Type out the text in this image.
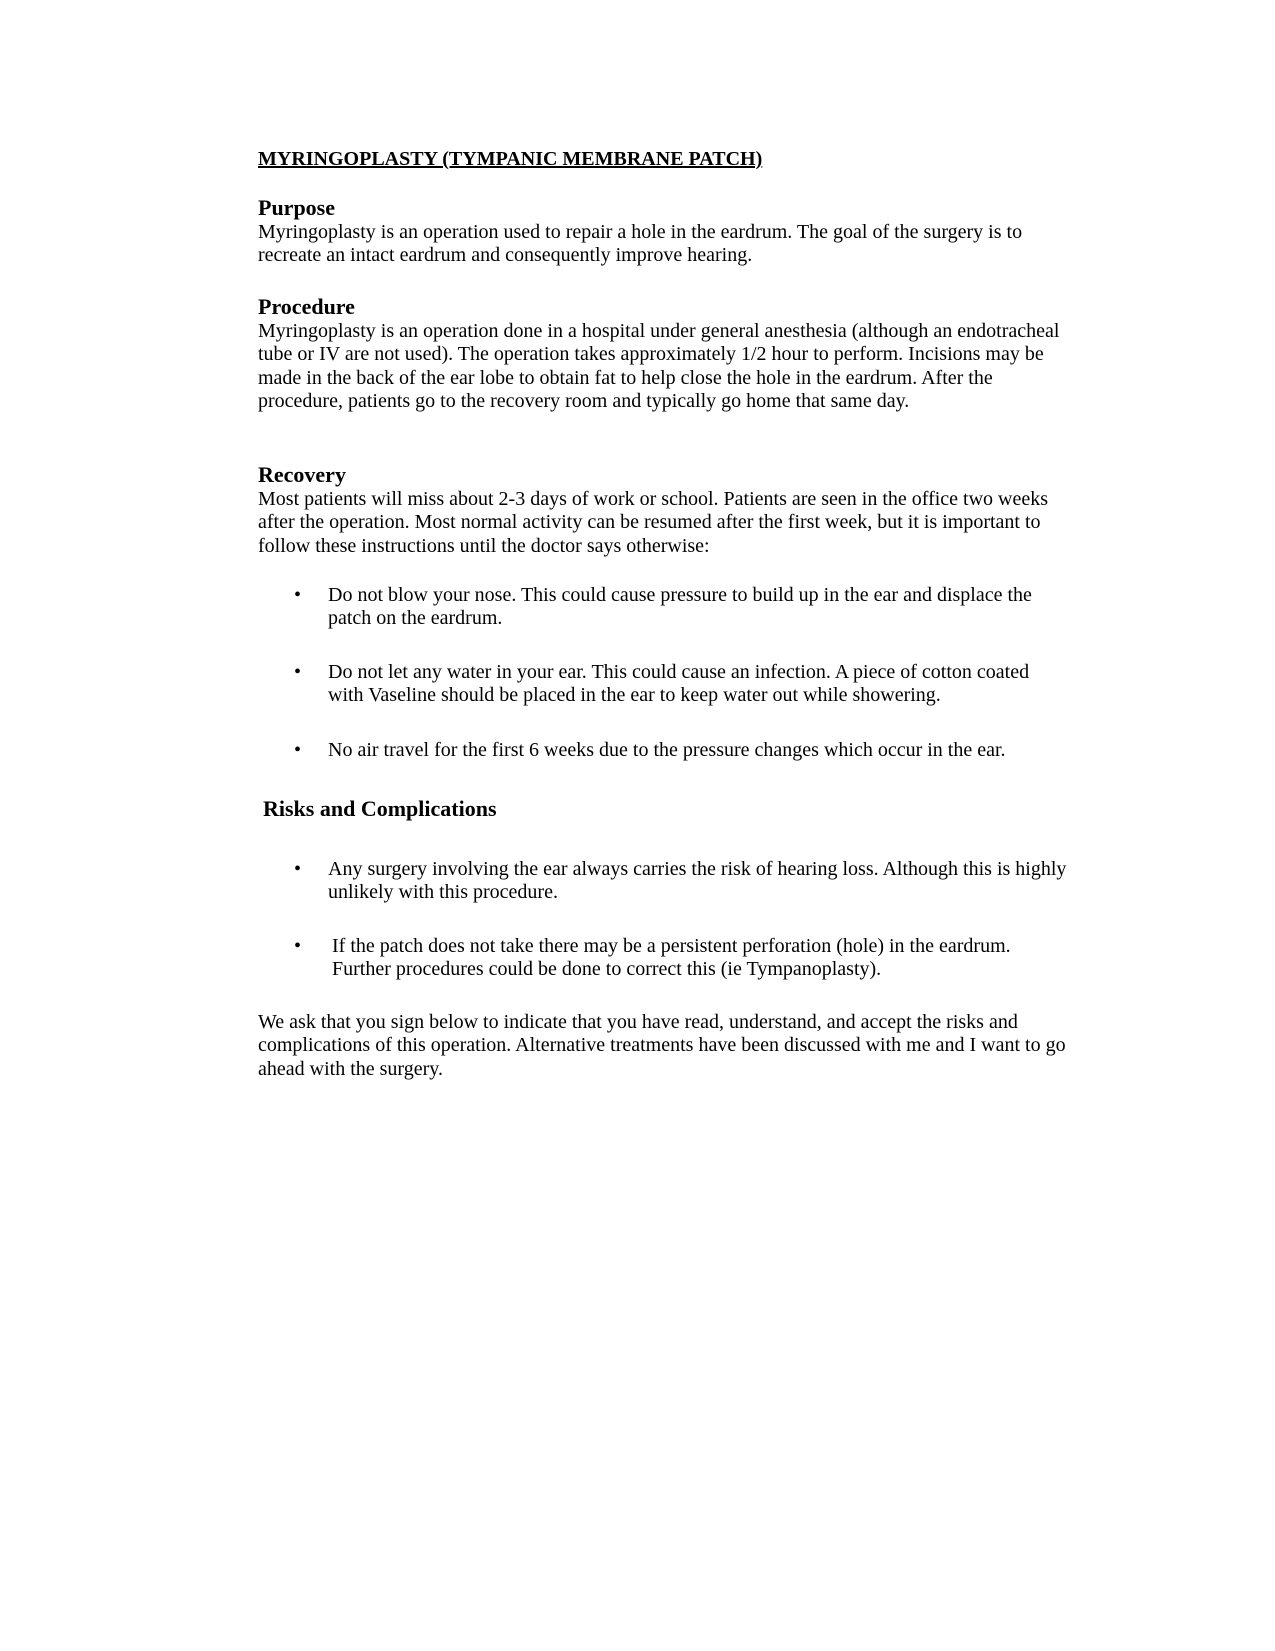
MYRINGOPLASTY (TYMPANIC MEMBRANE PATCH)
Purpose
Myringoplasty is an operation used to repair a hole in the eardrum. The goal of the surgery is to recreate an intact eardrum and consequently improve hearing.
Procedure
Myringoplasty is an operation done in a hospital under general anesthesia (although an endotracheal tube or IV are not used). The operation takes approximately 1/2 hour to perform. Incisions may be made in the back of the ear lobe to obtain fat to help close the hole in the eardrum. After the procedure, patients go to the recovery room and typically go home that same day.
Recovery
Most patients will miss about 2-3 days of work or school. Patients are seen in the office two weeks after the operation. Most normal activity can be resumed after the first week, but it is important to follow these instructions until the doctor says otherwise:
• Do not blow your nose. This could cause pressure to build up in the ear and displace the patch on the eardrum.
• Do not let any water in your ear. This could cause an infection. A piece of cotton coated with Vaseline should be placed in the ear to keep water out while showering.
• No air travel for the first 6 weeks due to the pressure changes which occur in the ear.
Risks and Complications
• Any surgery involving the ear always carries the risk of hearing loss. Although this is highly unlikely with this procedure.
• If the patch does not take there may be a persistent perforation (hole) in the eardrum. Further procedures could be done to correct this (ie Tympanoplasty).
We ask that you sign below to indicate that you have read, understand, and accept the risks and complications of this operation. Alternative treatments have been discussed with me and I want to go ahead with the surgery.
